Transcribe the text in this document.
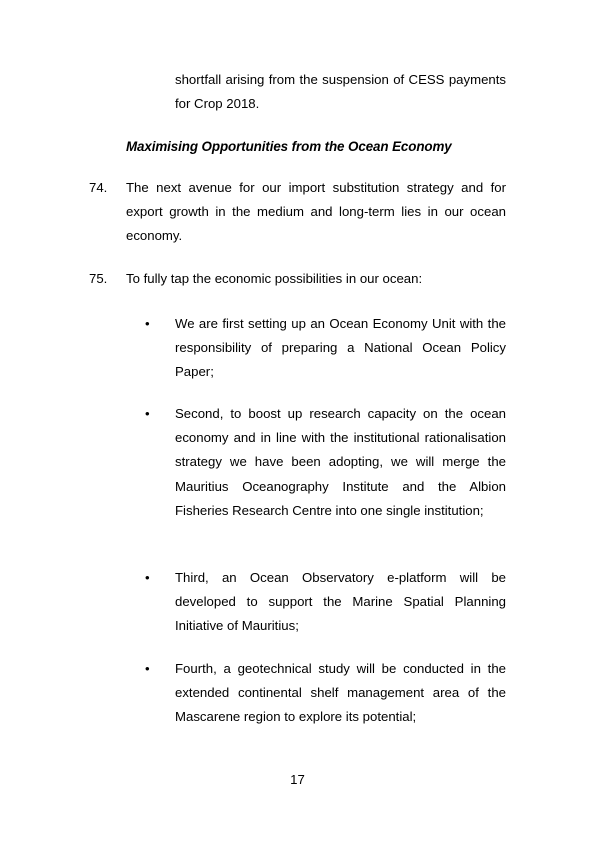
shortfall arising from the suspension of CESS payments for Crop 2018.

Maximising Opportunities from the Ocean Economy

74. The next avenue for our import substitution strategy and for export growth in the medium and long-term lies in our ocean economy.

75. To fully tap the economic possibilities in our ocean:

• We are first setting up an Ocean Economy Unit with the responsibility of preparing a National Ocean Policy Paper;

• Second, to boost up research capacity on the ocean economy and in line with the institutional rationalisation strategy we have been adopting, we will merge the Mauritius Oceanography Institute and the Albion Fisheries Research Centre into one single institution;

• Third, an Ocean Observatory e-platform will be developed to support the Marine Spatial Planning Initiative of Mauritius;

• Fourth, a geotechnical study will be conducted in the extended continental shelf management area of the Mascarene region to explore its potential;

17
